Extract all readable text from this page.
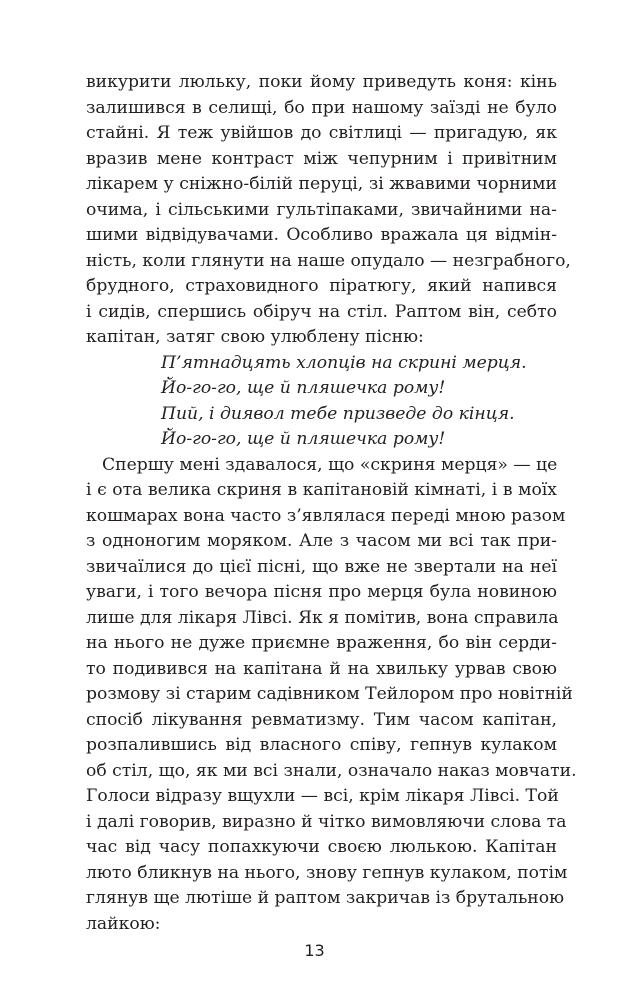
викурити люльку, поки йому приведуть коня: кінь
залишився в селищі, бо при нашому заїзді не було
стайні. Я теж увійшов до світлиці — пригадую, як
вразив мене контраст між чепурним і привітним
лікарем у сніжно-білій перуці, зі жвавими чорними
очима, і сільськими гультіпаками, звичайними на-
шими відвідувачами. Особливо вражала ця відмін-
ність, коли глянути на наше опудало — незграбного,
брудного, страховидного піратюгу, який напився
і сидів, спершись обіруч на стіл. Раптом він, себто
капітан, затяг свою улюблену пісню:
П’ятнадцять хлопців на скрині мерця.
Йо-го-го, ще й пляшечка рому!
Пий, і диявол тебе призведе до кінця.
Йо-го-го, ще й пляшечка рому!
Спершу мені здавалося, що «скриня мерця» — це
і є ота велика скриня в капітановій кімнаті, і в моїх
кошмарах вона часто з’являлася переді мною разом
з одноногим моряком. Але з часом ми всі так при-
звичаїлися до цієї пісні, що вже не звертали на неї
уваги, і того вечора пісня про мерця була новиною
лише для лікаря Лівсі. Як я помітив, вона справила
на нього не дуже приємне враження, бо він серди-
то подивився на капітана й на хвильку урвав свою
розмову зі старим садівником Тейлором про новітній
спосіб лікування ревматизму. Тим часом капітан,
розпалившись від власного співу, гепнув кулаком
об стіл, що, як ми всі знали, означало наказ мовчати.
Голоси відразу вщухли — всі, крім лікаря Лівсі. Той
і далі говорив, виразно й чітко вимовляючи слова та
час від часу попахкуючи своєю люлькою. Капітан
люто бликнув на нього, знову гепнув кулаком, потім
глянув ще лютіше й раптом закричав із брутальною
лайкою:
13
